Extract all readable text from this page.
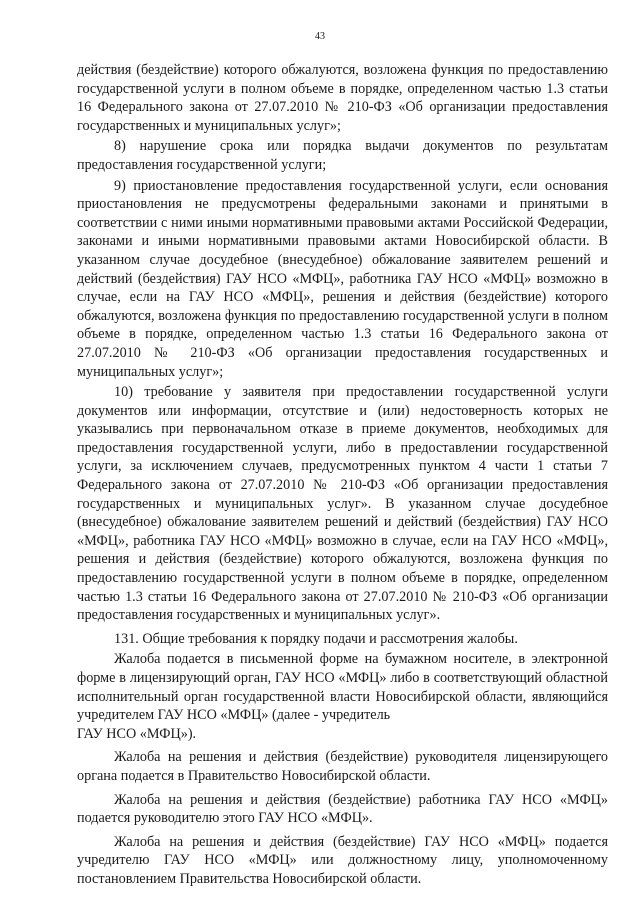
43

действия (бездействие) которого обжалуются, возложена функция по предоставлению государственной услуги в полном объеме в порядке, определенном частью 1.3 статьи 16 Федерального закона от 27.07.2010 № 210-ФЗ «Об организации предоставления государственных и муниципальных услуг»;

8) нарушение срока или порядка выдачи документов по результатам предоставления государственной услуги;

9) приостановление предоставления государственной услуги, если основания приостановления не предусмотрены федеральными законами и принятыми в соответствии с ними иными нормативными правовыми актами Российской Федерации, законами и иными нормативными правовыми актами Новосибирской области. В указанном случае досудебное (внесудебное) обжалование заявителем решений и действий (бездействия) ГАУ НСО «МФЦ», работника ГАУ НСО «МФЦ» возможно в случае, если на ГАУ НСО «МФЦ», решения и действия (бездействие) которого обжалуются, возложена функция по предоставлению государственной услуги в полном объеме в порядке, определенном частью 1.3 статьи 16 Федерального закона от 27.07.2010 № 210-ФЗ «Об организации предоставления государственных и муниципальных услуг»;

10) требование у заявителя при предоставлении государственной услуги документов или информации, отсутствие и (или) недостоверность которых не указывались при первоначальном отказе в приеме документов, необходимых для предоставления государственной услуги, либо в предоставлении государственной услуги, за исключением случаев, предусмотренных пунктом 4 части 1 статьи 7 Федерального закона от 27.07.2010 № 210-ФЗ «Об организации предоставления государственных и муниципальных услуг». В указанном случае досудебное (внесудебное) обжалование заявителем решений и действий (бездействия) ГАУ НСО «МФЦ», работника ГАУ НСО «МФЦ» возможно в случае, если на ГАУ НСО «МФЦ», решения и действия (бездействие) которого обжалуются, возложена функция по предоставлению государственной услуги в полном объеме в порядке, определенном частью 1.3 статьи 16 Федерального закона от 27.07.2010 № 210-ФЗ «Об организации предоставления государственных и муниципальных услуг».

131. Общие требования к порядку подачи и рассмотрения жалобы.

Жалоба подается в письменной форме на бумажном носителе, в электронной форме в лицензирующий орган, ГАУ НСО «МФЦ» либо в соответствующий областной исполнительный орган государственной власти Новосибирской области, являющийся учредителем ГАУ НСО «МФЦ» (далее - учредитель

ГАУ НСО «МФЦ»).

Жалоба на решения и действия (бездействие) руководителя лицензирующего органа подается в Правительство Новосибирской области.

Жалоба на решения и действия (бездействие) работника ГАУ НСО «МФЦ» подается руководителю этого ГАУ НСО «МФЦ».

Жалоба на решения и действия (бездействие) ГАУ НСО «МФЦ» подается учредителю ГАУ НСО «МФЦ» или должностному лицу, уполномоченному постановлением Правительства Новосибирской области.
